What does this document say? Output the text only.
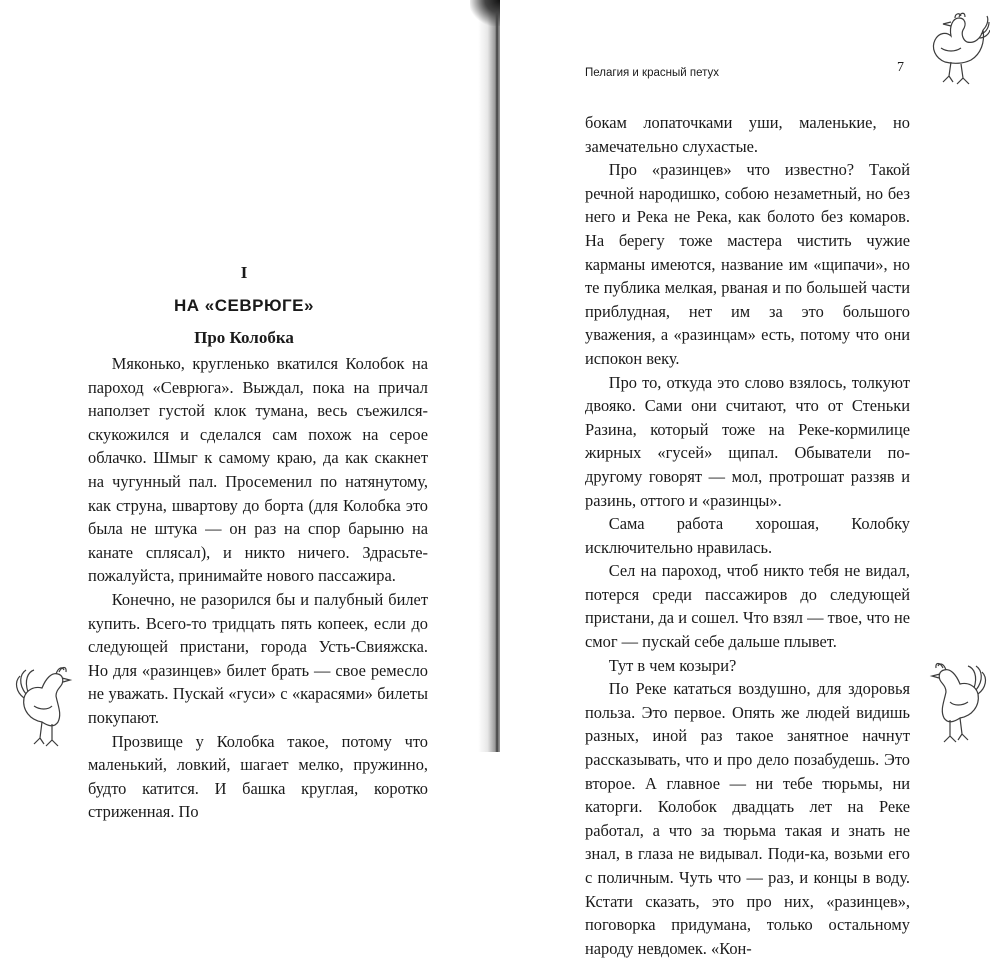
I
НА «СЕВРЮГЕ»
Про Колобка

Мяконько, кругленько вкатился Колобок на пароход «Севрюга». Выждал, пока на причал наползет густой клок тумана, весь съежился-скукожился и сделался сам похож на серое облачко. Шмыг к самому краю, да как скакнет на чугунный пал. Просеменил по натянутому, как струна, швартову до борта (для Колобка это была не штука — он раз на спор барыню на канате сплясал), и никто ничего. Здрасьте-пожалуйста, принимайте нового пассажира.

Конечно, не разорился бы и палубный билет купить. Всего-то тридцать пять копеек, если до следующей пристани, города Усть-Свияжска. Но для «разинцев» билет брать — свое ремесло не уважать. Пускай «гуси» с «карасями» билеты покупают.

Прозвище у Колобка такое, потому что маленький, ловкий, шагает мелко, пружинно, будто катится. И башка круглая, коротко стриженная. По

Пелагия и красный петух	7

бокам лопаточками уши, маленькие, но замечательно слухастые.

Про «разинцев» что известно? Такой речной народишко, собою незаметный, но без него и Река не Река, как болото без комаров. На берегу тоже мастера чистить чужие карманы имеются, название им «щипачи», но те публика мелкая, рваная и по большей части приблудная, нет им за это большого уважения, а «разинцам» есть, потому что они испокон веку.

Про то, откуда это слово взялось, толкуют двояко. Сами они считают, что от Стеньки Разина, который тоже на Реке-кормилице жирных «гусей» щипал. Обыватели по-другому говорят — мол, протрошат раззяв и разинь, оттого и «разинцы».

Сама работа хорошая, Колобку исключительно нравилась.

Сел на пароход, чтоб никто тебя не видал, потерся среди пассажиров до следующей пристани, да и сошел. Что взял — твое, что не смог — пускай себе дальше плывет.

Тут в чем козыри?

По Реке кататься воздушно, для здоровья польза. Это первое. Опять же людей видишь разных, иной раз такое занятное начнут рассказывать, что и про дело позабудешь. Это второе. А главное — ни тебе тюрьмы, ни каторги. Колобок двадцать лет на Реке работал, а что за тюрьма такая и знать не знал, в глаза не видывал. Поди-ка, возьми его с поличным. Чуть что — раз, и концы в воду. Кстати сказать, это про них, «разинцев», поговорка придумана, только остальному народу невдомек. «Кон-
